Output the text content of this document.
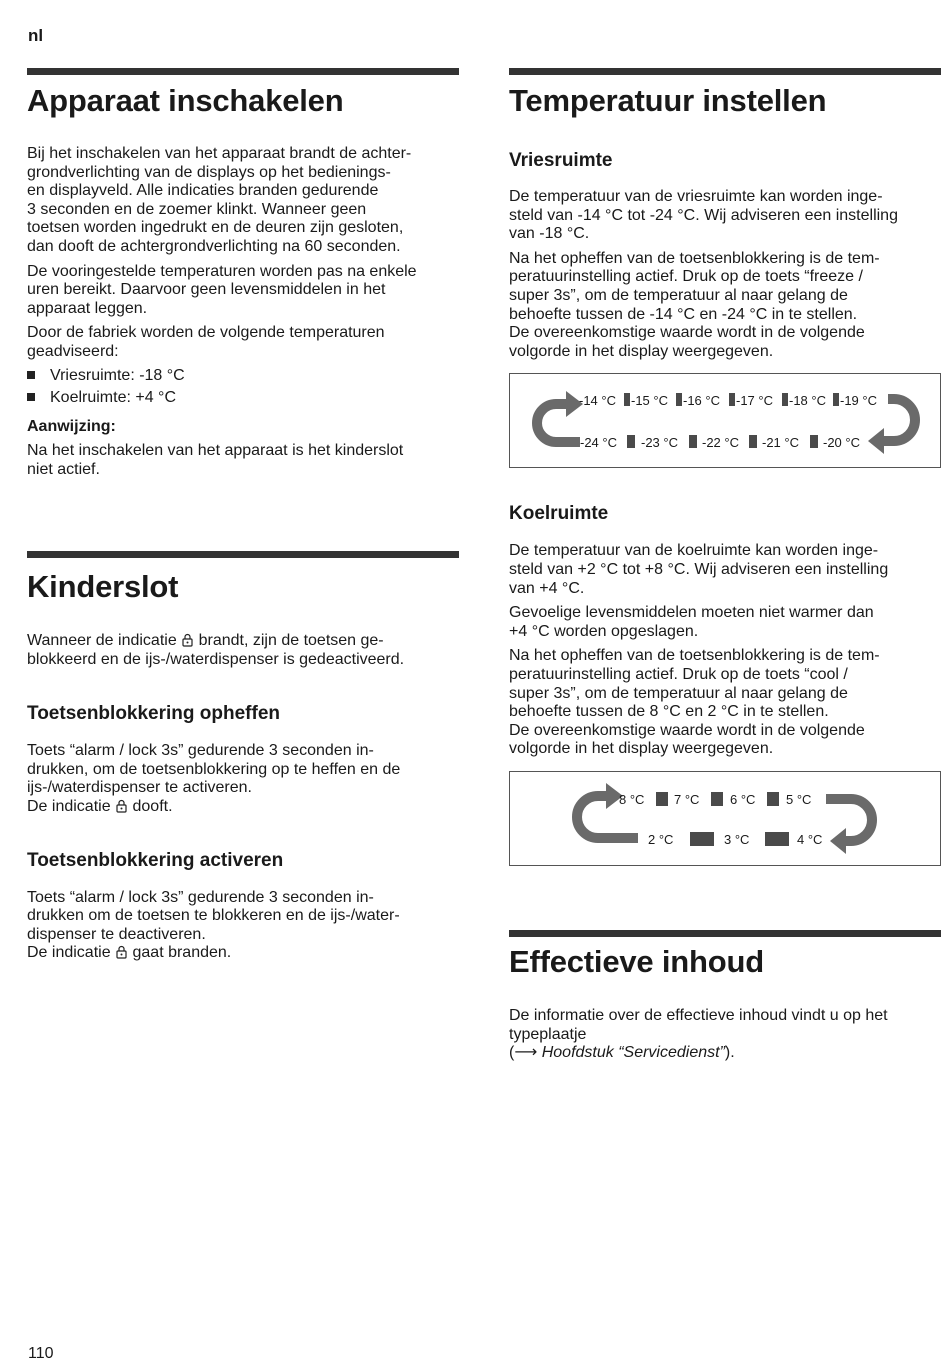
nl
Apparaat inschakelen

Bij het inschakelen van het apparaat brandt de achter-
grondverlichting van de displays op het bedienings-
en displayveld. Alle indicaties branden gedurende
3 seconden en de zoemer klinkt. Wanneer geen
toetsen worden ingedrukt en de deuren zijn gesloten,
dan dooft de achtergrondverlichting na 60 seconden.

De vooringestelde temperaturen worden pas na enkele
uren bereikt. Daarvoor geen levensmiddelen in het
apparaat leggen.

Door de fabriek worden de volgende temperaturen
geadviseerd:

Vriesruimte: -18 °C
Koelruimte: +4 °C

Aanwijzing:

Na het inschakelen van het apparaat is het kinderslot
niet actief.

Kinderslot

Wanneer de indicatie  brandt, zijn de toetsen ge-
blokkeerd en de ijs-/waterdispenser is gedeactiveerd.

Toetsenblokkering opheffen

Toets “alarm / lock 3s” gedurende 3 seconden in-
drukken, om de toetsenblokkering op te heffen en de
ijs-/waterdispenser te activeren.
De indicatie  dooft.

Toetsenblokkering activeren

Toets “alarm / lock 3s” gedurende 3 seconden in-
drukken om de toetsen te blokkeren en de ijs-/water-
dispenser te deactiveren.
De indicatie  gaat branden.

Temperatuur instellen
Vriesruimte

De temperatuur van de vriesruimte kan worden inge-
steld van -14 °C tot -24 °C. Wij adviseren een instelling
van -18 °C.

Na het opheffen van de toetsenblokkering is de tem-
peratuurinstelling actief. Druk op de toets “freeze /
super 3s”, om de temperatuur al naar gelang de
behoefte tussen de -14 °C en -24 °C in te stellen.
De overeenkomstige waarde wordt in de volgende
volgorde in het display weergegeven.

-14 °C -15 °C -16 °C -17 °C -18 °C -19 °C
-24 °C -23 °C -22 °C -21 °C -20 °C
Koelruimte

De temperatuur van de koelruimte kan worden inge-
steld van +2 °C tot +8 °C. Wij adviseren een instelling
van +4 °C.

Gevoelige levensmiddelen moeten niet warmer dan
+4 °C worden opgeslagen.

Na het opheffen van de toetsenblokkering is de tem-
peratuurinstelling actief. Druk op de toets “cool /
super 3s”, om de temperatuur al naar gelang de
behoefte tussen de 8 °C en 2 °C in te stellen.
De overeenkomstige waarde wordt in de volgende
volgorde in het display weergegeven.

8 °C 7 °C 6 °C 5 °C
2 °C	3 °C	4 °C
Effectieve inhoud

De informatie over de effectieve inhoud vindt u op het
typeplaatje
(⟶ Hoofdstuk “Servicedienst”).

110
